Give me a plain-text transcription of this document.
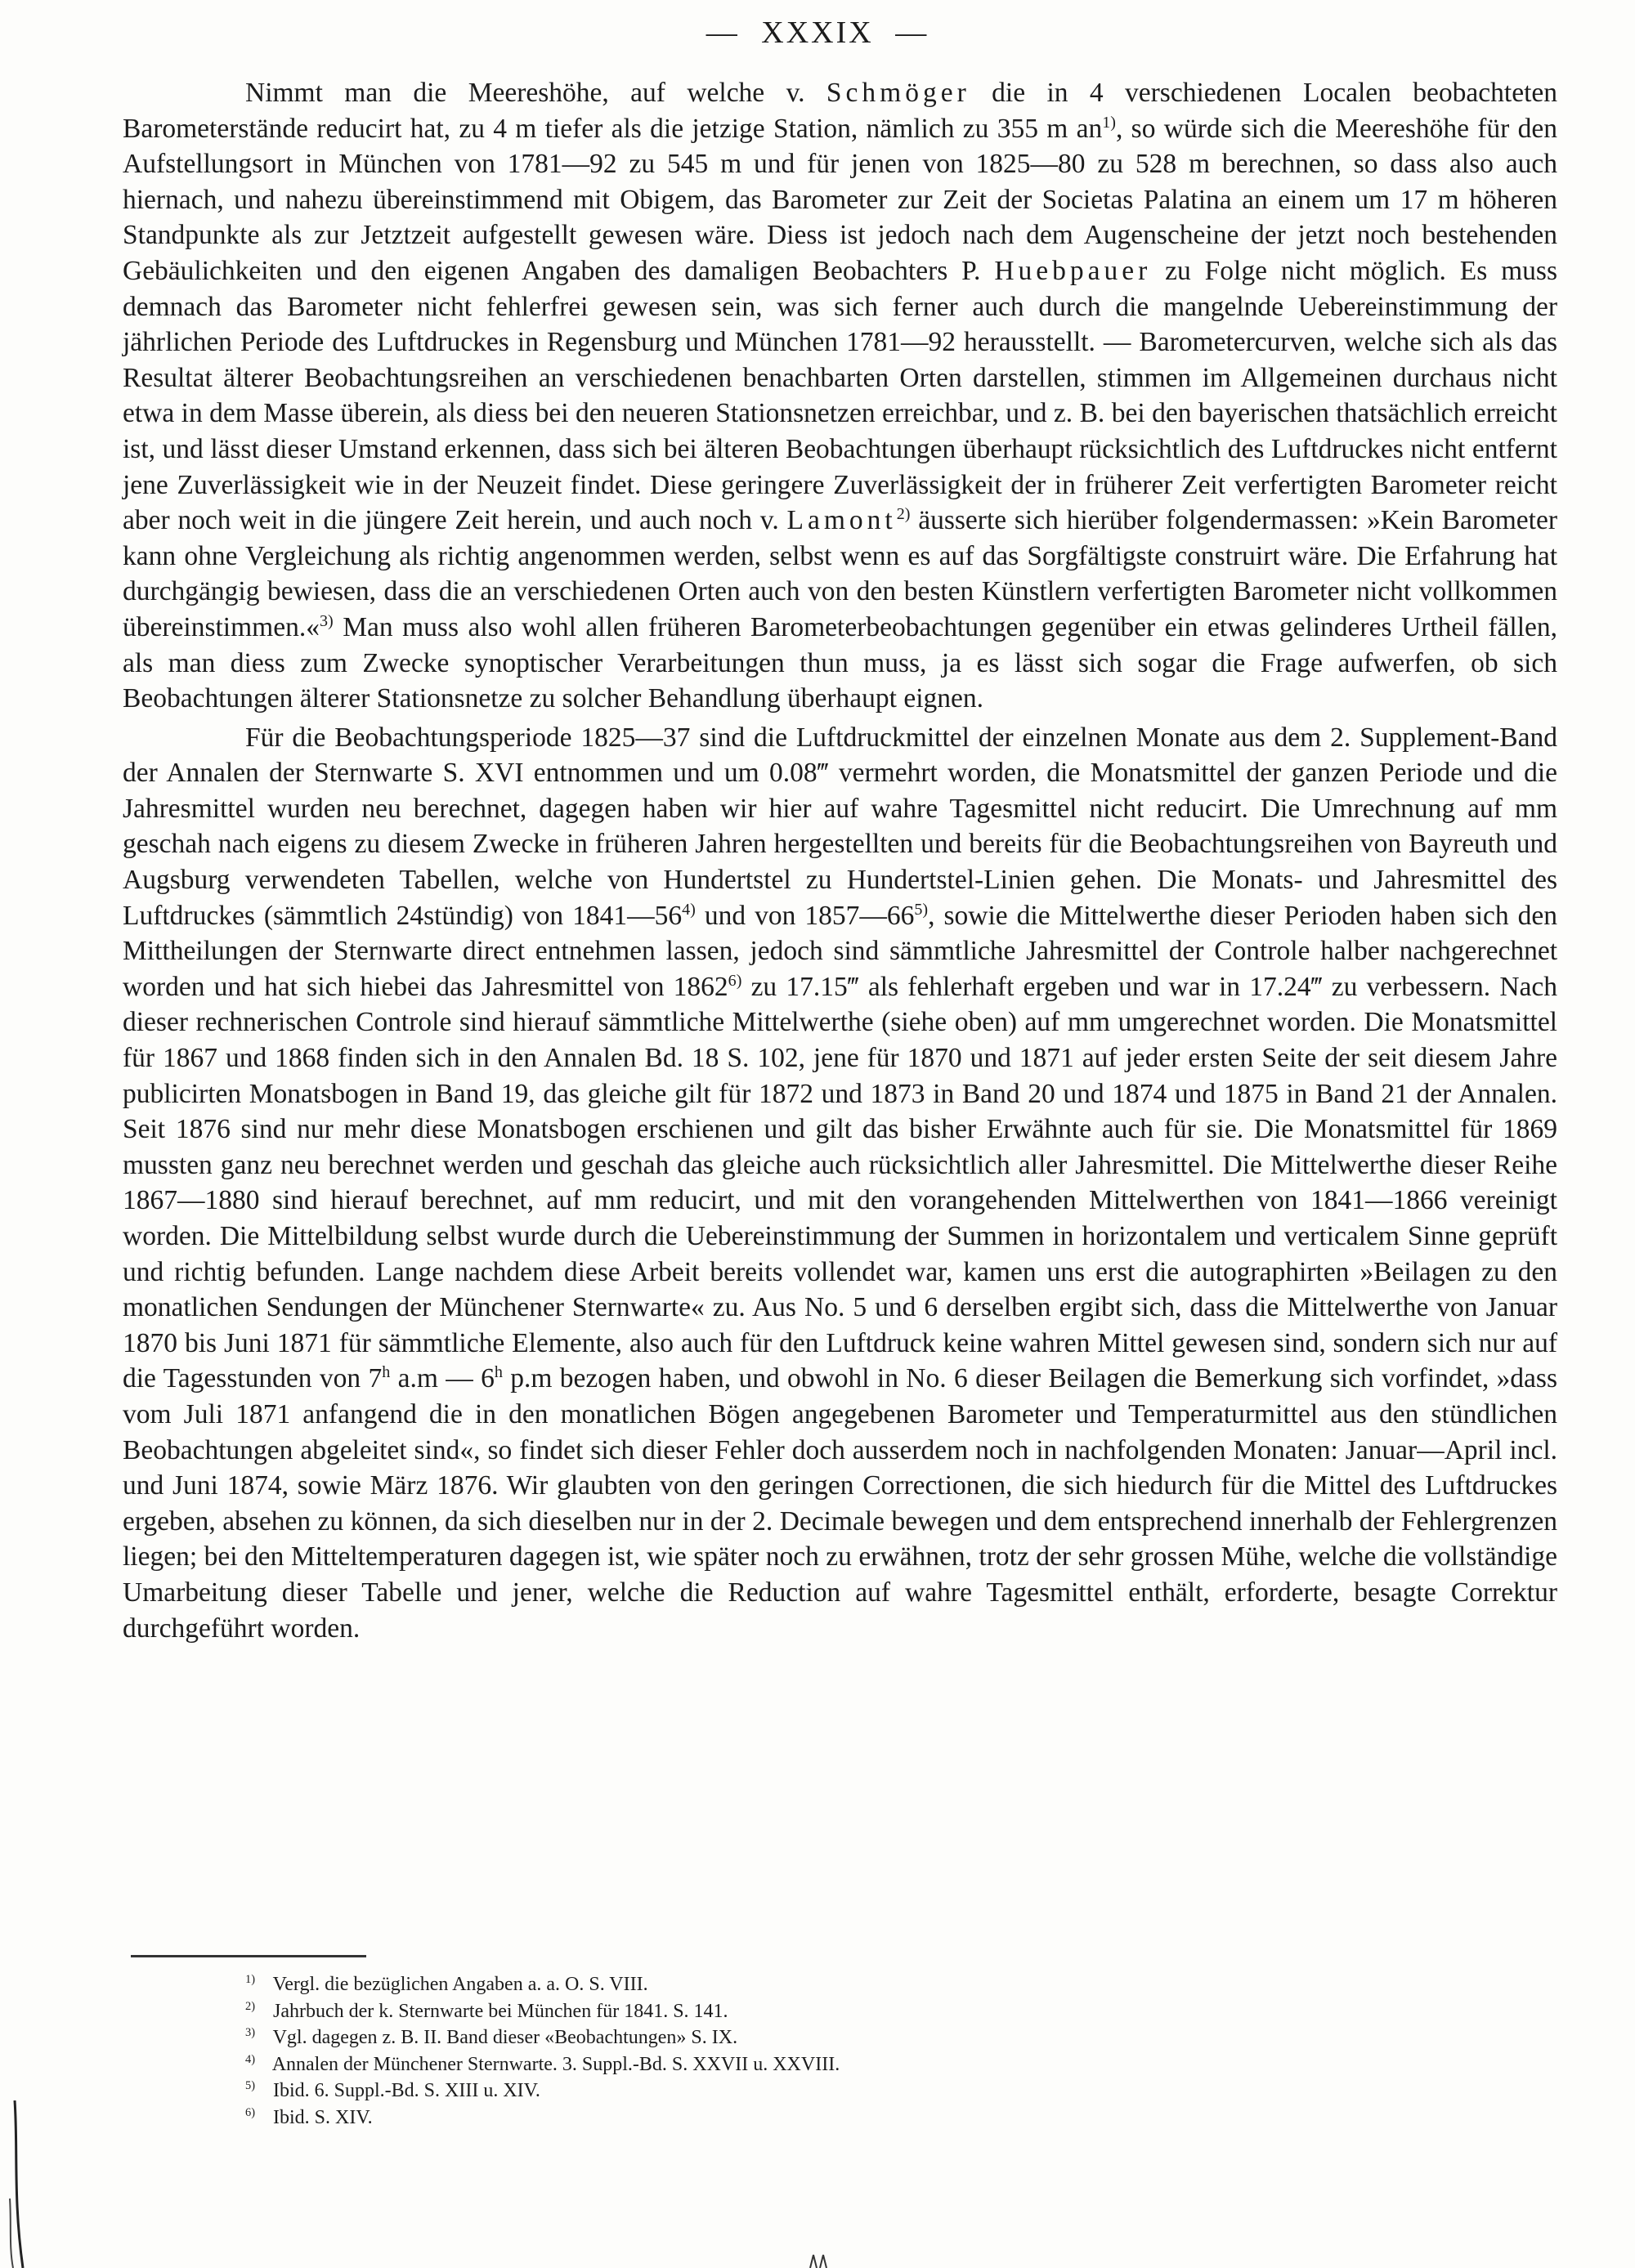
— XXXIX —

Nimmt man die Meereshöhe, auf welche v. Schmöger die in 4 verschiedenen Localen beobachteten Barometerstände reducirt hat, zu 4 m tiefer als die jetzige Station, nämlich zu 355 m $an^{1)}$, so würde sich die Meereshöhe für den Aufstellungsort in München von 1781—92 zu 545 m und für jenen von 1825—80 zu 528 m berechnen, so dass also auch hiernach, und nahezu übereinstimmend mit Obigem, das Barometer zur Zeit der Societas Palatina an einem um 17 m höheren Standpunkte als zur Jetztzeit aufgestellt gewesen wäre. Diess ist jedoch nach dem Augenscheine der jetzt noch bestehenden Gebäulichkeiten und den eigenen Angaben des damaligen Beobachters P. Huebpauer zu Folge nicht möglich. Es muss demnach das Barometer nicht fehlerfrei gewesen sein, was sich ferner auch durch die mangelnde Uebereinstimmung der jährlichen Periode des Luftdruckes in Regensburg und München 1781—92 herausstellt. — Barometercurven, welche sich als das Resultat älterer Beobachtungsreihen an verschiedenen benachbarten Orten darstellen, stimmen im Allgemeinen durchaus nicht etwa in dem Masse überein, als diess bei den neueren Stationsnetzen erreichbar, und z. B. bei den bayerischen thatsächlich erreicht ist, und lässt dieser Umstand erkennen, dass sich bei älteren Beobachtungen überhaupt rücksichtlich des Luftdruckes nicht entfernt jene Zuverlässigkeit wie in der Neuzeit findet. Diese geringere Zuverlässigkeit der in früherer Zeit verfertigten Barometer reicht aber noch weit in die jüngere Zeit herein, und auch noch v. Lamont$^{2)}$ äusserte sich hierüber folgendermassen: »Kein Barometer kann ohne Vergleichung als richtig angenommen werden, selbst wenn es auf das Sorgfältigste construirt wäre. Die Erfahrung hat durchgängig bewiesen, dass die an verschiedenen Orten auch von den besten Künstlern verfertigten Barometer nicht vollkommen übereinstimmen.«$^{3)}$ Man muss also wohl allen früheren Barometerbeobachtungen gegenüber ein etwas gelinderes Urtheil fällen, als man diess zum Zwecke synoptischer Verarbeitungen thun muss, ja es lässt sich sogar die Frage aufwerfen, ob sich Beobachtungen älterer Stationsnetze zu solcher Behandlung überhaupt eignen.

Für die Beobachtungsperiode 1825—37 sind die Luftdruckmittel der einzelnen Monate aus dem 2. Supplement-Band der Annalen der Sternwarte S. XVI entnommen und um 0.08‴ vermehrt worden, die Monatsmittel der ganzen Periode und die Jahresmittel wurden neu berechnet, dagegen haben wir hier auf wahre Tagesmittel nicht reducirt. Die Umrechnung auf mm geschah nach eigens zu diesem Zwecke in früheren Jahren hergestellten und bereits für die Beobachtungsreihen von Bayreuth und Augsburg verwendeten Tabellen, welche von Hundertstel zu Hundertstel-Linien gehen. Die Monats- und Jahresmittel des Luftdruckes (sämmtlich 24stündig) von 1841—56$^{4)}$ und von 1857—66$^{5)}$, sowie die Mittelwerthe dieser Perioden haben sich den Mittheilungen der Sternwarte direct entnehmen lassen, jedoch sind sämmtliche Jahresmittel der Controle halber nachgerechnet worden und hat sich hiebei das Jahresmittel von 1862$^{6)}$ zu 17.15‴ als fehlerhaft ergeben und war in 17.24‴ zu verbessern. Nach dieser rechnerischen Controle sind hierauf sämmtliche Mittelwerthe (siehe oben) auf mm umgerechnet worden. Die Monatsmittel für 1867 und 1868 finden sich in den Annalen Bd. 18 S. 102, jene für 1870 und 1871 auf jeder ersten Seite der seit diesem Jahre publicirten Monatsbogen in Band 19, das gleiche gilt für 1872 und 1873 in Band 20 und 1874 und 1875 in Band 21 der Annalen. Seit 1876 sind nur mehr diese Monatsbogen erschienen und gilt das bisher Erwähnte auch für sie. Die Monatsmittel für 1869 mussten ganz neu berechnet werden und geschah das gleiche auch rücksichtlich aller Jahresmittel. Die Mittelwerthe dieser Reihe 1867—1880 sind hierauf berechnet, auf mm reducirt, und mit den vorangehenden Mittelwerthen von 1841—1866 vereinigt worden. Die Mittelbildung selbst wurde durch die Uebereinstimmung der Summen in horizontalem und verticalem Sinne geprüft und richtig befunden. Lange nachdem diese Arbeit bereits vollendet war, kamen uns erst die autographirten »Beilagen zu den monatlichen Sendungen der Münchener Sternwarte« zu. Aus No. 5 und 6 derselben ergibt sich, dass die Mittelwerthe von Januar 1870 bis Juni 1871 für sämmtliche Elemente, also auch für den Luftdruck keine wahren Mittel gewesen sind, sondern sich nur auf die Tagesstunden von 7$^h$ a.m — 6$^h$ p.m bezogen haben, und obwohl in No. 6 dieser Beilagen die Bemerkung sich vorfindet, »dass vom Juli 1871 anfangend die in den monatlichen Bögen angegebenen Barometer und Temperaturmittel aus den stündlichen Beobachtungen abgeleitet sind«, so findet sich dieser Fehler doch ausserdem noch in nachfolgenden Monaten: Januar—April incl. und Juni 1874, sowie März 1876. Wir glaubten von den geringen Correctionen, die sich hiedurch für die Mittel des Luftdruckes ergeben, absehen zu können, da sich dieselben nur in der 2. Decimale bewegen und dem entsprechend innerhalb der Fehlergrenzen liegen; bei den Mitteltemperaturen dagegen ist, wie später noch zu erwähnen, trotz der sehr grossen Mühe, welche die vollständige Umarbeitung dieser Tabelle und jener, welche die Reduction auf wahre Tagesmittel enthält, erforderte, besagte Correktur durchgeführt worden.

$^{1)}$ Vergl. die bezüglichen Angaben a. a. O. S. VIII.

$^{2)}$ Jahrbuch der k. Sternwarte bei München für 1841. S. 141.

$^{3)}$ Vgl. dagegen z. B. II. Band dieser «Beobachtungen» S. IX.

$^{4)}$ Annalen der Münchener Sternwarte. 3. Suppl.-Bd. S. XXVII u. XXVIII.

$^{5)}$ Ibid. 6. Suppl.-Bd. S. XIII u. XIV.

$^{6)}$ Ibid. S. XIV.
